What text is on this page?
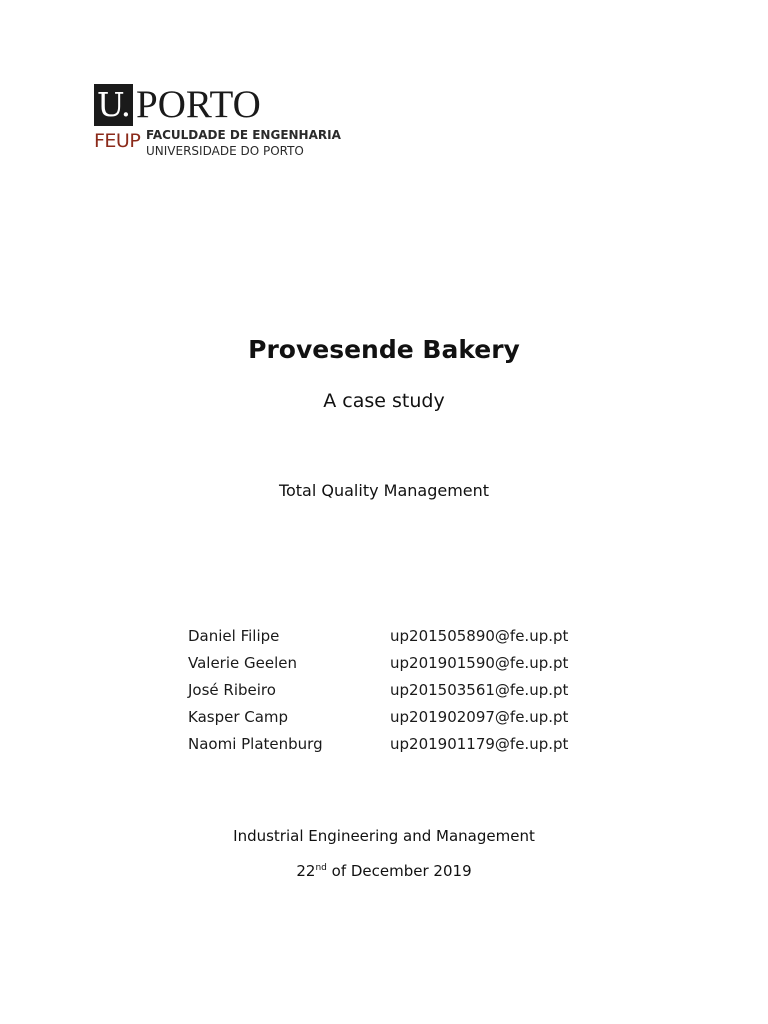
U. PORTO
FEUP FACULDADE DE ENGENHARIA
UNIVERSIDADE DO PORTO
Provesende Bakery
A case study
Total Quality Management
Daniel Filipe	up201505890@fe.up.pt
Valerie Geelen	up201901590@fe.up.pt
José Ribeiro	up201503561@fe.up.pt
Kasper Camp	up201902097@fe.up.pt
Naomi Platenburg	up201901179@fe.up.pt
Industrial Engineering and Management
22nd of December 2019
